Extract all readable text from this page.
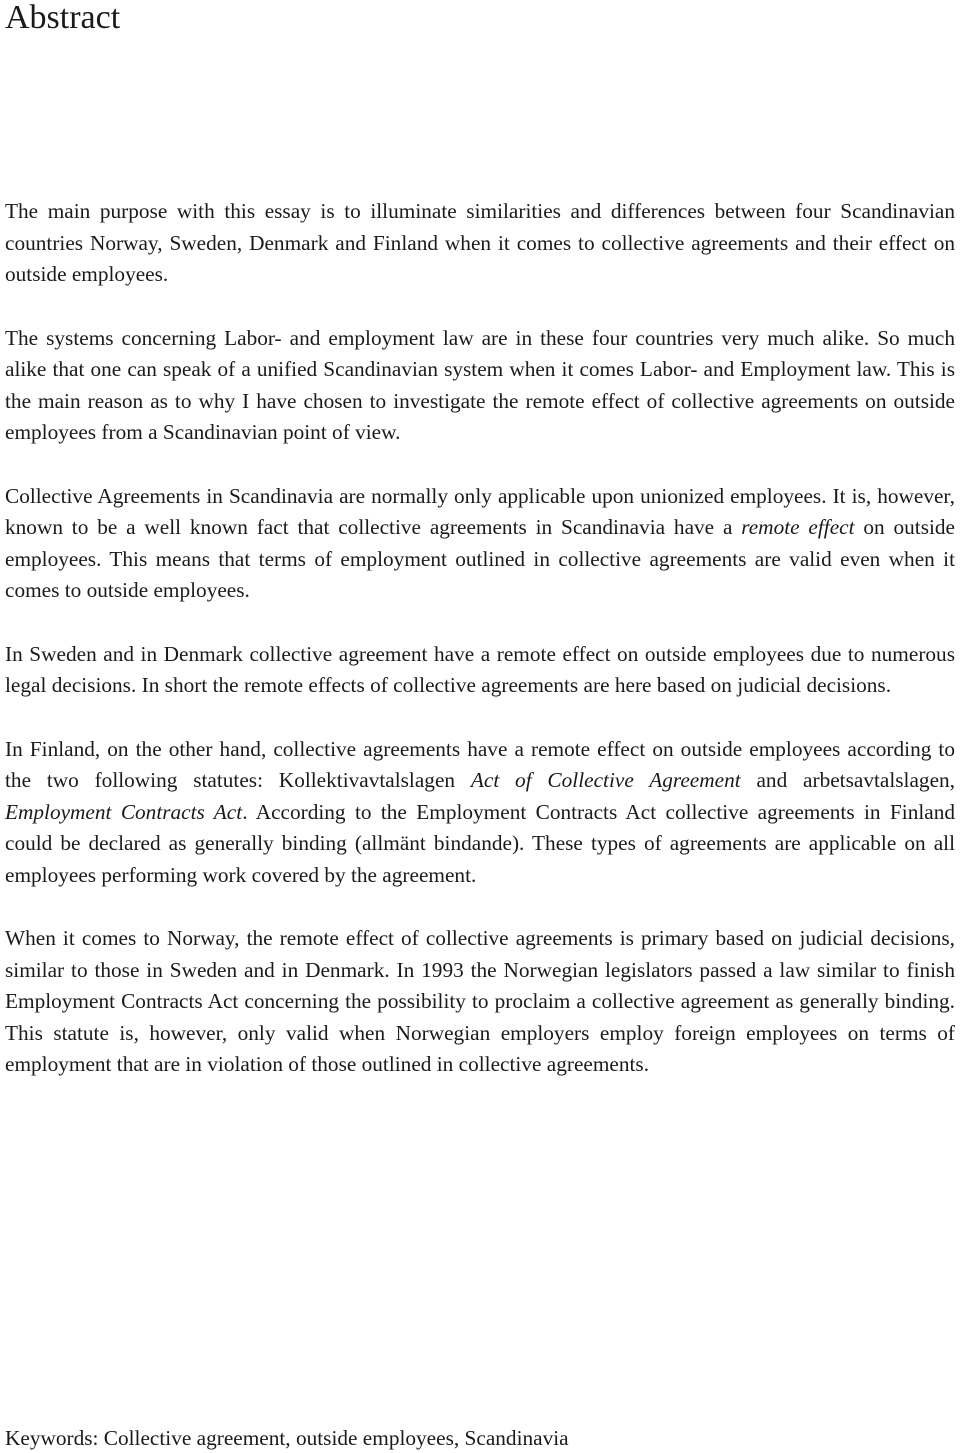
Abstract

The main purpose with this essay is to illuminate similarities and differences between four Scandinavian countries Norway, Sweden, Denmark and Finland when it comes to collective agreements and their effect on outside employees.

The systems concerning Labor- and employment law are in these four countries very much alike. So much alike that one can speak of a unified Scandinavian system when it comes Labor- and Employment law. This is the main reason as to why I have chosen to investigate the remote effect of collective agreements on outside employees from a Scandinavian point of view.

Collective Agreements in Scandinavia are normally only applicable upon unionized employees. It is, however, known to be a well known fact that collective agreements in Scandinavia have a remote effect on outside employees. This means that terms of employment outlined in collective agreements are valid even when it comes to outside employees.

In Sweden and in Denmark collective agreement have a remote effect on outside employees due to numerous legal decisions. In short the remote effects of collective agreements are here based on judicial decisions.

In Finland, on the other hand, collective agreements have a remote effect on outside employees according to the two following statutes: Kollektivavtalslagen Act of Collective Agreement and arbetsavtalslagen, Employment Contracts Act. According to the Employment Contracts Act collective agreements in Finland could be declared as generally binding (allmänt bindande). These types of agreements are applicable on all employees performing work covered by the agreement.

When it comes to Norway, the remote effect of collective agreements is primary based on judicial decisions, similar to those in Sweden and in Denmark. In 1993 the Norwegian legislators passed a law similar to finish Employment Contracts Act concerning the possibility to proclaim a collective agreement as generally binding. This statute is, however, only valid when Norwegian employers employ foreign employees on terms of employment that are in violation of those outlined in collective agreements.

Keywords: Collective agreement, outside employees, Scandinavia
